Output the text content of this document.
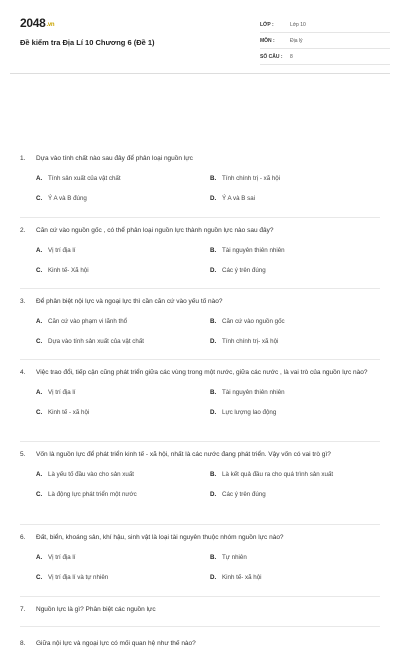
2048.vn
Đề kiểm tra Địa Lí 10 Chương 6 (Đề 1)
LỚP :	Lớp 10
MÔN :	Địa lý
SỐ CÂU :	8
1.	Dựa vào tính chất nào sau đây để phân loại nguồn lực
A. Tính sản xuất của vật chất	B. Tính chính trị - xã hội
C. Ý A và B đúng	D. Ý A và B sai
2.	Căn cứ vào nguồn gốc , có thể phân loại nguồn lực thành nguồn lực nào sau đây?
A. Vị trí địa lí	B. Tài nguyên thiên nhiên
C. Kinh tế- Xã hội	D. Các ý trên đúng
3.	Để phân biệt nội lực và ngoại lực thì cần căn cứ vào yếu tố nào?
A. Căn cứ vào phạm vi lãnh thổ	B. Căn cứ vào nguồn gốc
C. Dựa vào tính sản xuất của vật chất	D. Tính chính trị- xã hội
4.	Việc trao đổi, tiếp cận cũng phát triển giữa các vùng trong một nước, giữa các nước , là vai trò của nguồn lực nào?
A. Vị trí địa lí	B. Tài nguyên thiên nhiên
C. Kinh tế - xã hội	D. Lực lượng lao động
5.	Vốn là nguồn lực để phát triển kinh tế - xã hội, nhất là các nước đang phát triển. Vậy vốn có vai trò gì?
A. Là yếu tố đầu vào cho sản xuất	B. Là kết quả đầu ra cho quá trình sản xuất
C. Là động lực phát triển một nước	D. Các ý trên đúng
6.	Đất, biển, khoáng sản, khí hậu, sinh vật là loại tài nguyên thuộc nhóm nguồn lực nào?
A. Vị trí địa lí	B. Tự nhiên
C. Vị trí địa lí và tự nhiên	D. Kinh tế- xã hội
7.	Nguồn lực là gì? Phân biệt các nguồn lực
8.	Giữa nội lực và ngoại lực có mối quan hệ như thế nào?
